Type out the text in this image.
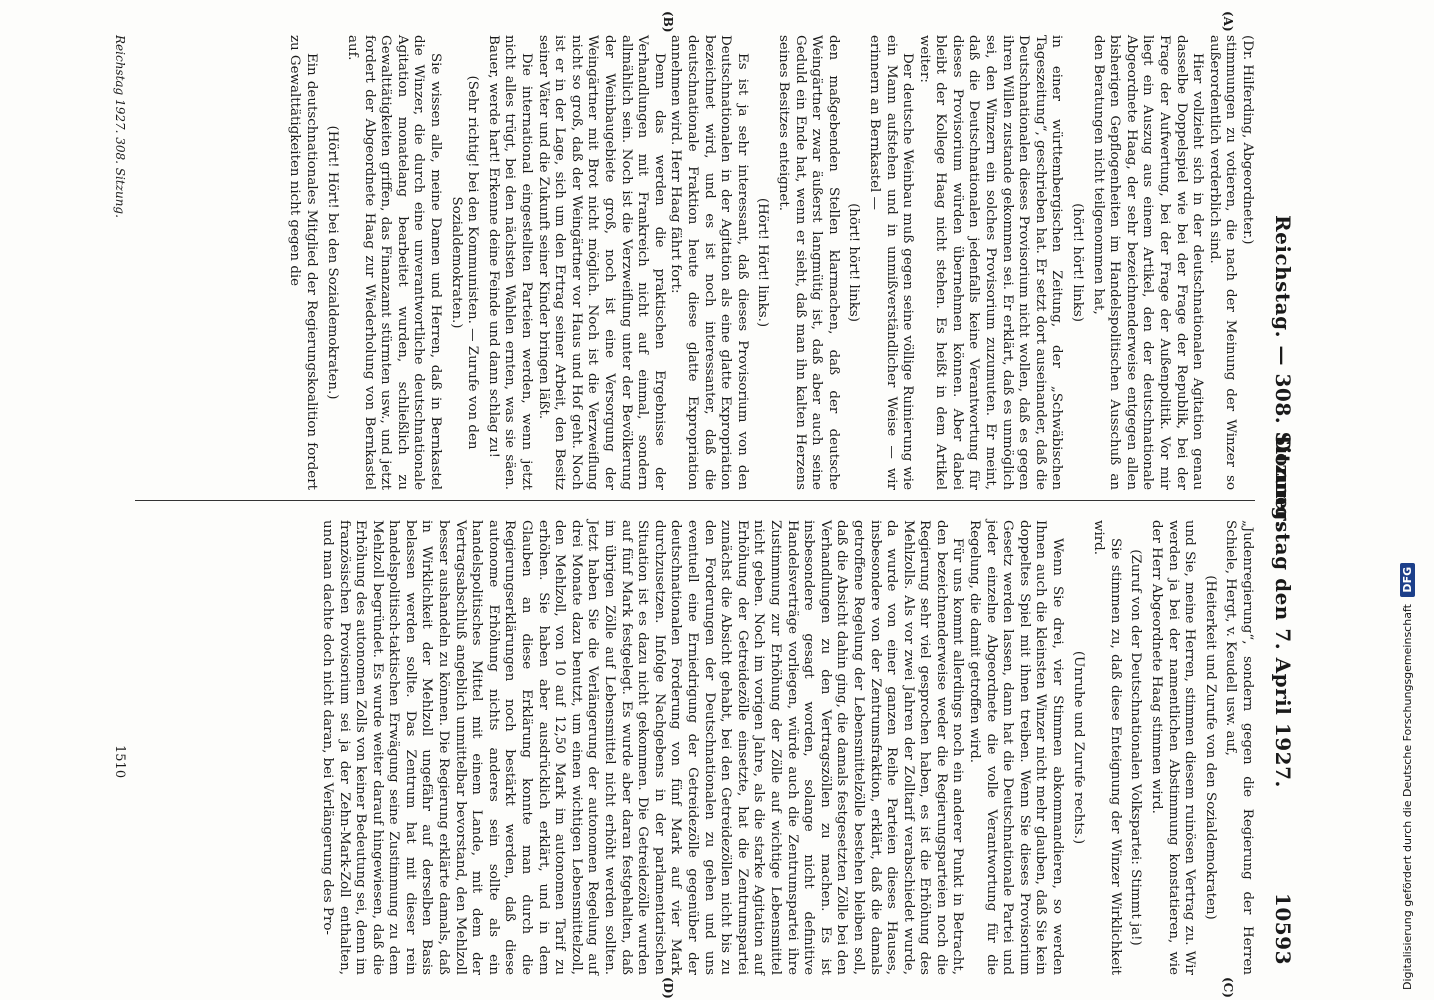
Reichstag. — 308. Sitzung.
Donnerstag den 7. April 1927.  10593
(A)
(B)
(C)
(D)

(Dr. Hilferding, Abgeordneter.)

stimmungen zu votieren, die nach der Meinung der Winzer so außerordentlich verderblich sind.

Hier vollzieht sich in der deutschnationalen Agitation genau dasselbe Doppelspiel wie bei der Frage der Republik, bei der Frage der Aufwertung, bei der Frage der Außenpolitik. Vor mir liegt ein Auszug aus einem Artikel, den der deutschnationale Abgeordnete Haag, der sehr bezeichnenderweise entgegen allen bisherigen Gepflogenheiten im Handelspolitischen Ausschuß an den Beratungen nicht teilgenommen hat,

(hört! hört! links)

in einer württembergischen Zeitung, der „Schwäbischen Tageszeitung“, geschrieben hat. Er setzt dort auseinander, daß die Deutschnationalen dieses Provisorium nicht wollen, daß es gegen ihren Willen zustande gekommen sei. Er erklärt, daß es unmöglich sei, den Winzern ein solches Provisorium zuzumuten. Er meint, daß die Deutschnationalen jedenfalls keine Verantwortung für dieses Provisorium würden übernehmen können. Aber dabei bleibt der Kollege Haag nicht stehen. Es heißt in dem Artikel weiter:

Der deutsche Weinbau muß gegen seine völlige Ruinierung wie ein Mann aufstehen und in unmißverständlicher Weise — wir erinnern an Bernkastel —

(hört! hört! links)

den maßgebenden Stellen klarmachen, daß der deutsche Weingärtner zwar äußerst langmütig ist, daß aber auch seine Geduld ein Ende hat, wenn er sieht, daß man ihn kalten Herzens seines Besitzes enteignet.

(Hört! Hört! links.)

Es ist ja sehr interessant, daß dieses Provisorium von den Deutschnationalen in der Agitation als eine glatte Expropriation bezeichnet wird, und es ist noch interessanter, daß die deutschnationale Fraktion heute diese glatte Expropriation annehmen wird. Herr Haag fährt fort:

Denn das werden die praktischen Ergebnisse der Verhandlungen mit Frankreich nicht auf einmal, sondern allmählich sein. Noch ist die Verzweiflung unter der Bevölkerung der Weinbaugebiete groß, noch ist eine Versorgung der Weingärtner mit Brot nicht möglich. Noch ist die Verzweiflung nicht so groß, daß der Weingärtner vor Haus und Hof geht. Noch ist er in der Lage, sich um den Ertrag seiner Arbeit, den Besitz seiner Väter und die Zukunft seiner Kinder bringen läßt.

Die international eingestellten Parteien werden, wenn jetzt nicht alles trügt, bei den nächsten Wahlen ernten, was sie säen. Bauer, werde hart! Erkenne deine Feinde und dann schlag zu!

(Sehr richtig! bei den Kommunisten. — Zurufe von den Sozialdemokraten.)

Sie wissen alle, meine Damen und Herren, daß in Bernkastel die Winzer, die durch eine unverantwortliche deutschnationale Agitation monatelang bearbeitet wurden, schließlich zu Gewalttätigkeiten griffen, das Finanzamt stürmten usw., und jetzt fordert der Abgeordnete Haag zur Wiederholung von Bernkastel auf.

(Hört! Hört! bei den Sozialdemokraten.)

Ein deutschnationales Mitglied der Regierungskoalition fordert zu Gewalttätigkeiten nicht gegen die

„Judenregierung“, sondern gegen die Regierung der Herren Schiele, Hergt, v. Keudell usw. auf,

(Heiterkeit und Zurufe von den Sozialdemokraten)

und Sie, meine Herren, stimmen diesem ruinösen Vertrag zu. Wir werden ja bei der namentlichen Abstimmung konstatieren, wie der Herr Abgeordnete Haag stimmen wird.

(Zuruf von der Deutschnationalen Volkspartei: Stimmt ja!)

Sie stimmen zu, daß diese Enteignung der Winzer Wirklichkeit wird.

(Unruhe und Zurufe rechts.)

Wenn Sie drei, vier Stimmen abkommandieren, so werden Ihnen auch die kleinsten Winzer nicht mehr glauben, daß Sie kein doppeltes Spiel mit ihnen treiben. Wenn Sie dieses Provisorium Gesetz werden lassen, dann hat die Deutschnationale Partei und jeder einzelne Abgeordnete die volle Verantwortung für die Regelung, die damit getroffen wird.

Für uns kommt allerdings noch ein anderer Punkt in Betracht, den bezeichnenderweise weder die Regierungsparteien noch die Regierung sehr viel gesprochen haben, es ist die Erhöhung des Mehlzolls. Als vor zwei Jahren der Zolltarif verabschiedet wurde, da wurde von einer ganzen Reihe Parteien dieses Hauses, insbesondere von der Zentrumsfraktion, erklärt, daß die damals getroffene Regelung der Lebensmittelzölle bestehen bleiben soll, daß die Absicht dahin ging, die damals festgesetzten Zölle bei den Verhandlungen zu den Vertragszöllen zu machen. Es ist insbesondere gesagt worden, solange nicht definitive Handelsverträge vorliegen, würde auch die Zentrumspartei ihre Zustimmung zur Erhöhung der Zölle auf wichtige Lebensmittel nicht geben. Noch im vorigen Jahre, als die starke Agitation auf Erhöhung der Getreidezölle einsetzte, hat die Zentrumspartei zunächst die Absicht gehabt, bei den Getreidezöllen nicht bis zu den Forderungen der Deutschnationalen zu gehen und uns eventuell eine Erniedrigung der Getreidezölle gegenüber der deutschnationalen Forderung von fünf Mark auf vier Mark durchzusetzen. Infolge Nachgebens in der parlamentarischen Situation ist es dazu nicht gekommen. Die Getreidezölle wurden auf fünf Mark festgelegt. Es wurde aber daran festgehalten, daß im übrigen Zölle auf Lebensmittel nicht erhöht werden sollten. Jetzt haben Sie die Verlängerung der autonomen Regelung auf drei Monate dazu benutzt, um einen wichtigen Lebensmittelzoll, den Mehlzoll, von 10 auf 12,50 Mark im autonomen Tarif zu erhöhen. Sie haben aber ausdrücklich erklärt, und in dem Glauben an diese Erklärung konnte man durch die Regierungserklärungen noch bestärkt werden, daß diese autonome Erhöhung nichts anderes sein sollte als ein handelspolitisches Mittel mit einem Lande, mit dem der Vertragsabschluß angeblich unmittelbar bevorstand, den Mehlzoll besser aushandeln zu können. Die Regierung erklärte damals, daß in Wirklichkeit der Mehlzoll ungefähr auf derselben Basis belassen werden sollte. Das Zentrum hat mit dieser rein handelspolitisch-taktischen Erwägung seine Zustimmung zu dem Mehlzoll begründet. Es wurde weiter darauf hingewiesen, daß die Erhöhung des autonomen Zolls von keiner Bedeutung sei, denn im französischen Provisorium sei ja der Zehn-Mark-Zoll enthalten, und man dachte doch nicht daran, bei Verlängerung des Pro-

Reichstag 1927. 308. Sitzung.
1510	Digitalisierung gefördert durch die Deutsche Forschungsgemeinschaft DFG
